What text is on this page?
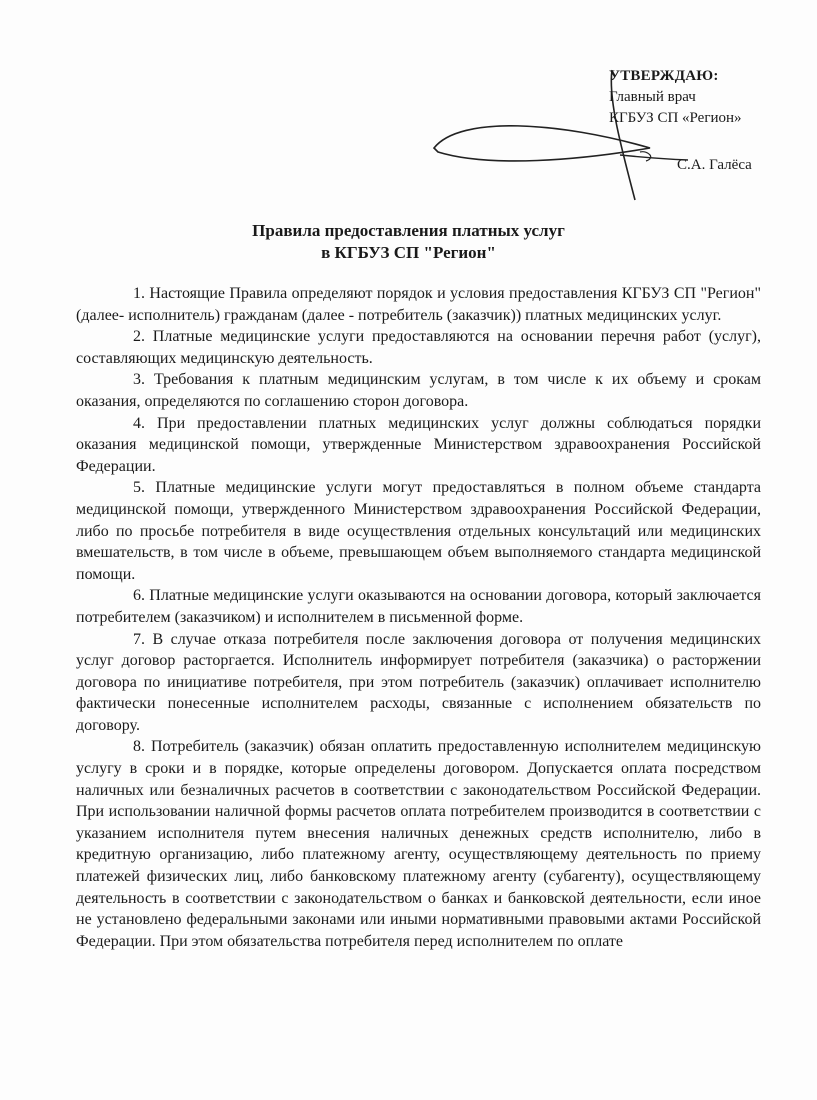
УТВЕРЖДАЮ:
Главный врач
КГБУЗ СП «Регион»
С.А. Галёса
Правила предоставления платных услуг
в КГБУЗ СП "Регион"

1. Настоящие Правила определяют порядок и условия предоставления КГБУЗ СП "Регион" (далее- исполнитель) гражданам (далее - потребитель (заказчик)) платных медицинских услуг.

2. Платные медицинские услуги предоставляются на основании перечня работ (услуг), составляющих медицинскую деятельность.

3. Требования к платным медицинским услугам, в том числе к их объему и срокам оказания, определяются по соглашению сторон договора.

4. При предоставлении платных медицинских услуг должны соблюдаться порядки оказания медицинской помощи, утвержденные Министерством здравоохранения Российской Федерации.

5. Платные медицинские услуги могут предоставляться в полном объеме стандарта медицинской помощи, утвержденного Министерством здравоохранения Российской Федерации, либо по просьбе потребителя в виде осуществления отдельных консультаций или медицинских вмешательств, в том числе в объеме, превышающем объем выполняемого стандарта медицинской помощи.

6. Платные медицинские услуги оказываются на основании договора, который заключается потребителем (заказчиком) и исполнителем в письменной форме.

7. В случае отказа потребителя после заключения договора от получения медицинских услуг договор расторгается. Исполнитель информирует потребителя (заказчика) о расторжении договора по инициативе потребителя, при этом потребитель (заказчик) оплачивает исполнителю фактически понесенные исполнителем расходы, связанные с исполнением обязательств по договору.

8. Потребитель (заказчик) обязан оплатить предоставленную исполнителем медицинскую услугу в сроки и в порядке, которые определены договором. Допускается оплата посредством наличных или безналичных расчетов в соответствии с законодательством Российской Федерации. При использовании наличной формы расчетов оплата потребителем производится в соответствии с указанием исполнителя путем внесения наличных денежных средств исполнителю, либо в кредитную организацию, либо платежному агенту, осуществляющему деятельность по приему платежей физических лиц, либо банковскому платежному агенту (субагенту), осуществляющему деятельность в соответствии с законодательством о банках и банковской деятельности, если иное не установлено федеральными законами или иными нормативными правовыми актами Российской Федерации. При этом обязательства потребителя перед исполнителем по оплате
